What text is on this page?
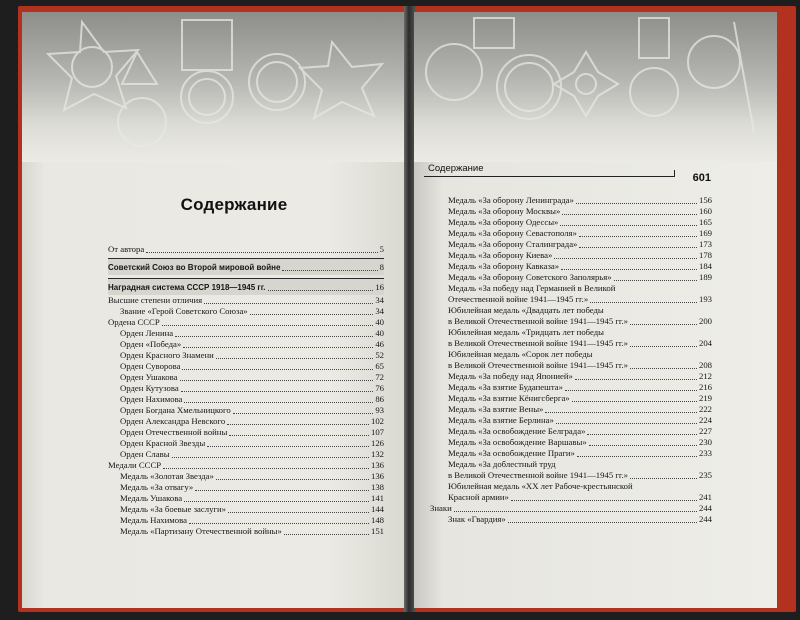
Содержание
От автора	5
Советский Союз во Второй мировой войне	8
Наградная система СССР 1918—1945 гг.	16
Высшие степени отличия	34
Звание «Герой Советского Союза»	34
Ордена СССР	40
Орден Ленина	40
Орден «Победа»	46
Орден Красного Знамени	52
Орден Суворова	65
Орден Ушакова	72
Орден Кутузова	76
Орден Нахимова	86
Орден Богдана Хмельницкого	93
Орден Александра Невского	102
Орден Отечественной войны	107
Орден Красной Звезды	126
Орден Славы	132
Медали СССР	136
Медаль «Золотая Звезда»	136
Медаль «За отвагу»	138
Медаль Ушакова	141
Медаль «За боевые заслуги»	144
Медаль Нахимова	148
Медаль «Партизану Отечественной войны»	151
Содержание
601
Медаль «За оборону Ленинграда»	156
Медаль «За оборону Москвы»	160
Медаль «За оборону Одессы»	165
Медаль «За оборону Севастополя»	169
Медаль «За оборону Сталинграда»	173
Медаль «За оборону Киева»	178
Медаль «За оборону Кавказа»	184
Медаль «За оборону Советского Заполярья»	189
Медаль «За победу над Германией в Великой
Отечественной войне 1941—1945 гг.»	193
Юбилейная медаль «Двадцать лет победы
в Великой Отечественной войне 1941—1945 гг.»	200
Юбилейная медаль «Тридцать лет победы
в Великой Отечественной войне 1941—1945 гг.»	204
Юбилейная медаль «Сорок лет победы
в Великой Отечественной войне 1941—1945 гг.»	208
Медаль «За победу над Японией»	212
Медаль «За взятие Будапешта»	216
Медаль «За взятие Кёнигсберга»	219
Медаль «За взятие Вены»	222
Медаль «За взятие Берлина»	224
Медаль «За освобождение Белграда»	227
Медаль «За освобождение Варшавы»	230
Медаль «За освобождение Праги»	233
Медаль «За доблестный труд
в Великой Отечественной войне 1941—1945 гг.»	235
Юбилейная медаль «XX лет Рабоче-крестьянской
Красной армии»	241
Знаки	244
Знак «Гвардия»	244
